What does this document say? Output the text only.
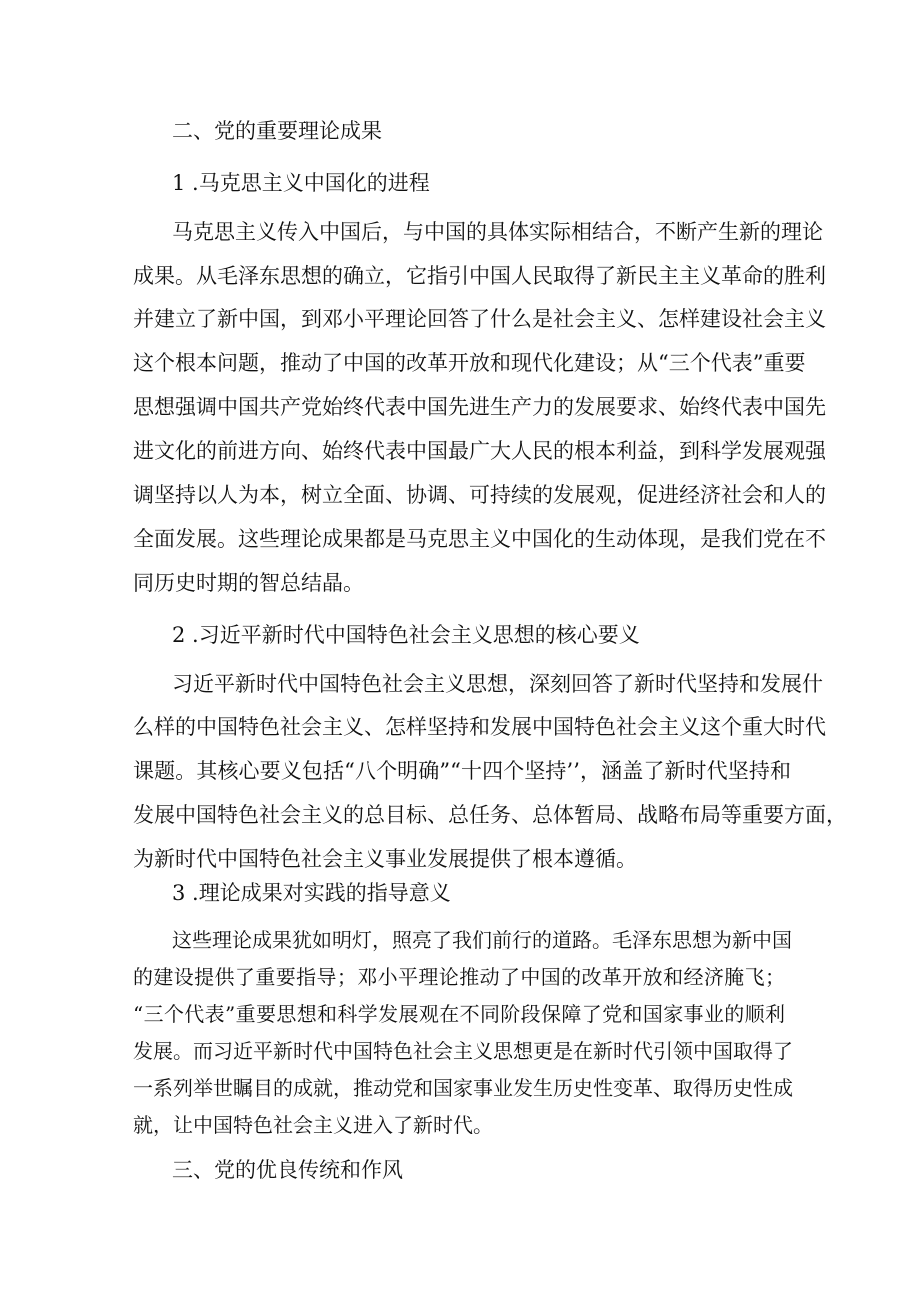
二、党的重要理论成果
1 .马克思主义中国化的进程
马克思主义传入中国后，与中国的具体实际相结合，不断产生新的理论
成果。从毛泽东思想的确立，它指引中国人民取得了新民主主义革命的胜利
并建立了新中国，到邓小平理论回答了什么是社会主义、怎样建设社会主义
这个根本问题，推动了中国的改革开放和现代化建设；从“三个代表”重要
思想强调中国共产党始终代表中国先进生产力的发展要求、始终代表中国先
进文化的前进方向、始终代表中国最广大人民的根本利益，到科学发展观强
调坚持以人为本，树立全面、协调、可持续的发展观，促进经济社会和人的
全面发展。这些理论成果都是马克思主义中国化的生动体现，是我们党在不
同历史时期的智总结晶。
2 .习近平新时代中国特色社会主义思想的核心要义
习近平新时代中国特色社会主义思想，深刻回答了新时代坚持和发展什
么样的中国特色社会主义、怎样坚持和发展中国特色社会主义这个重大时代
课题。其核心要义包括“八个明确”“十四个坚持’’，涵盖了新时代坚持和
发展中国特色社会主义的总目标、总任务、总体暂局、战略布局等重要方面，
为新时代中国特色社会主义事业发展提供了根本遵循。
3 .理论成果对实践的指导意义
这些理论成果犹如明灯，照亮了我们前行的道路。毛泽东思想为新中国
的建设提供了重要指导；邓小平理论推动了中国的改革开放和经济腌飞；
“三个代表”重要思想和科学发展观在不同阶段保障了党和国家事业的顺利
发展。而习近平新时代中国特色社会主义思想更是在新时代引领中国取得了
一系列举世瞩目的成就，推动党和国家事业发生历史性变革、取得历史性成
就，让中国特色社会主义进入了新时代。
三、党的优良传统和作风
